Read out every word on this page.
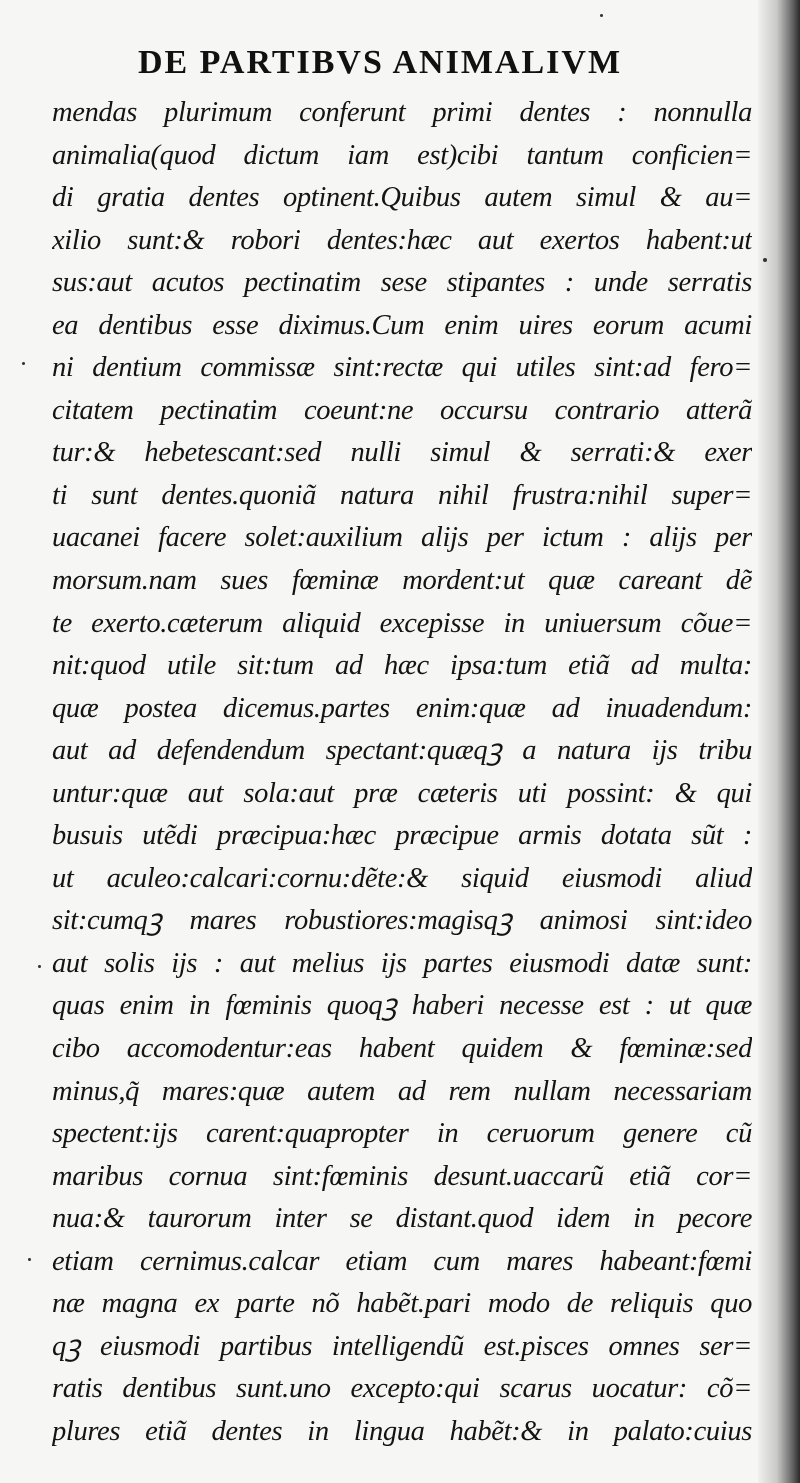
DE PARTIBVS ANIMALIVM
mendas plurimum conferunt primi dentes : nonnulla
animalia(quod dictum iam est)cibi tantum conficien=
di gratia dentes optinent.Quibus autem simul & au=
xilio sunt:& robori dentes:hæc aut exertos habent:ut
sus:aut acutos pectinatim sese stipantes : unde serratis
ea dentibus esse diximus.Cum enim uires eorum acumi
ni dentium commissæ sint:rectæ qui utiles sint:ad fero=
citatem pectinatim coeunt:ne occursu contrario atterã
tur:& hebetescant:sed nulli simul & serrati:& exer
ti sunt dentes.quoniã natura nihil frustra:nihil super=
uacanei facere solet:auxilium alijs per ictum : alijs per
morsum.nam sues fœminæ mordent:ut quæ careant dẽ
te exerto.cæterum aliquid excepisse in uniuersum cõue=
nit:quod utile sit:tum ad hæc ipsa:tum etiã ad multa:
quæ postea dicemus.partes enim:quæ ad inuadendum:
aut ad defendendum spectant:quæqꝫ a natura ijs tribu
untur:quæ aut sola:aut præ cæteris uti possint: & qui
busuis utẽdi præcipua:hæc præcipue armis dotata sũt :
ut aculeo:calcari:cornu:dẽte:& siquid eiusmodi aliud
sit:cumqꝫ mares robustiores:magisqꝫ animosi sint:ideo
aut solis ijs : aut melius ijs partes eiusmodi datæ sunt:
quas enim in fœminis quoqꝫ haberi necesse est : ut quæ
cibo accomodentur:eas habent quidem & fœminæ:sed
minus,q̃ mares:quæ autem ad rem nullam necessariam
spectent:ijs carent:quapropter in ceruorum genere cũ
maribus cornua sint:fœminis desunt.uaccarũ etiã cor=
nua:& taurorum inter se distant.quod idem in pecore
etiam cernimus.calcar etiam cum mares habeant:fœmi
næ magna ex parte nõ habẽt.pari modo de reliquis quo
qꝫ eiusmodi partibus intelligendũ est.pisces omnes ser=
ratis dentibus sunt.uno excepto:qui scarus uocatur: cõ=
plures etiã dentes in lingua habẽt:& in palato:cuius
